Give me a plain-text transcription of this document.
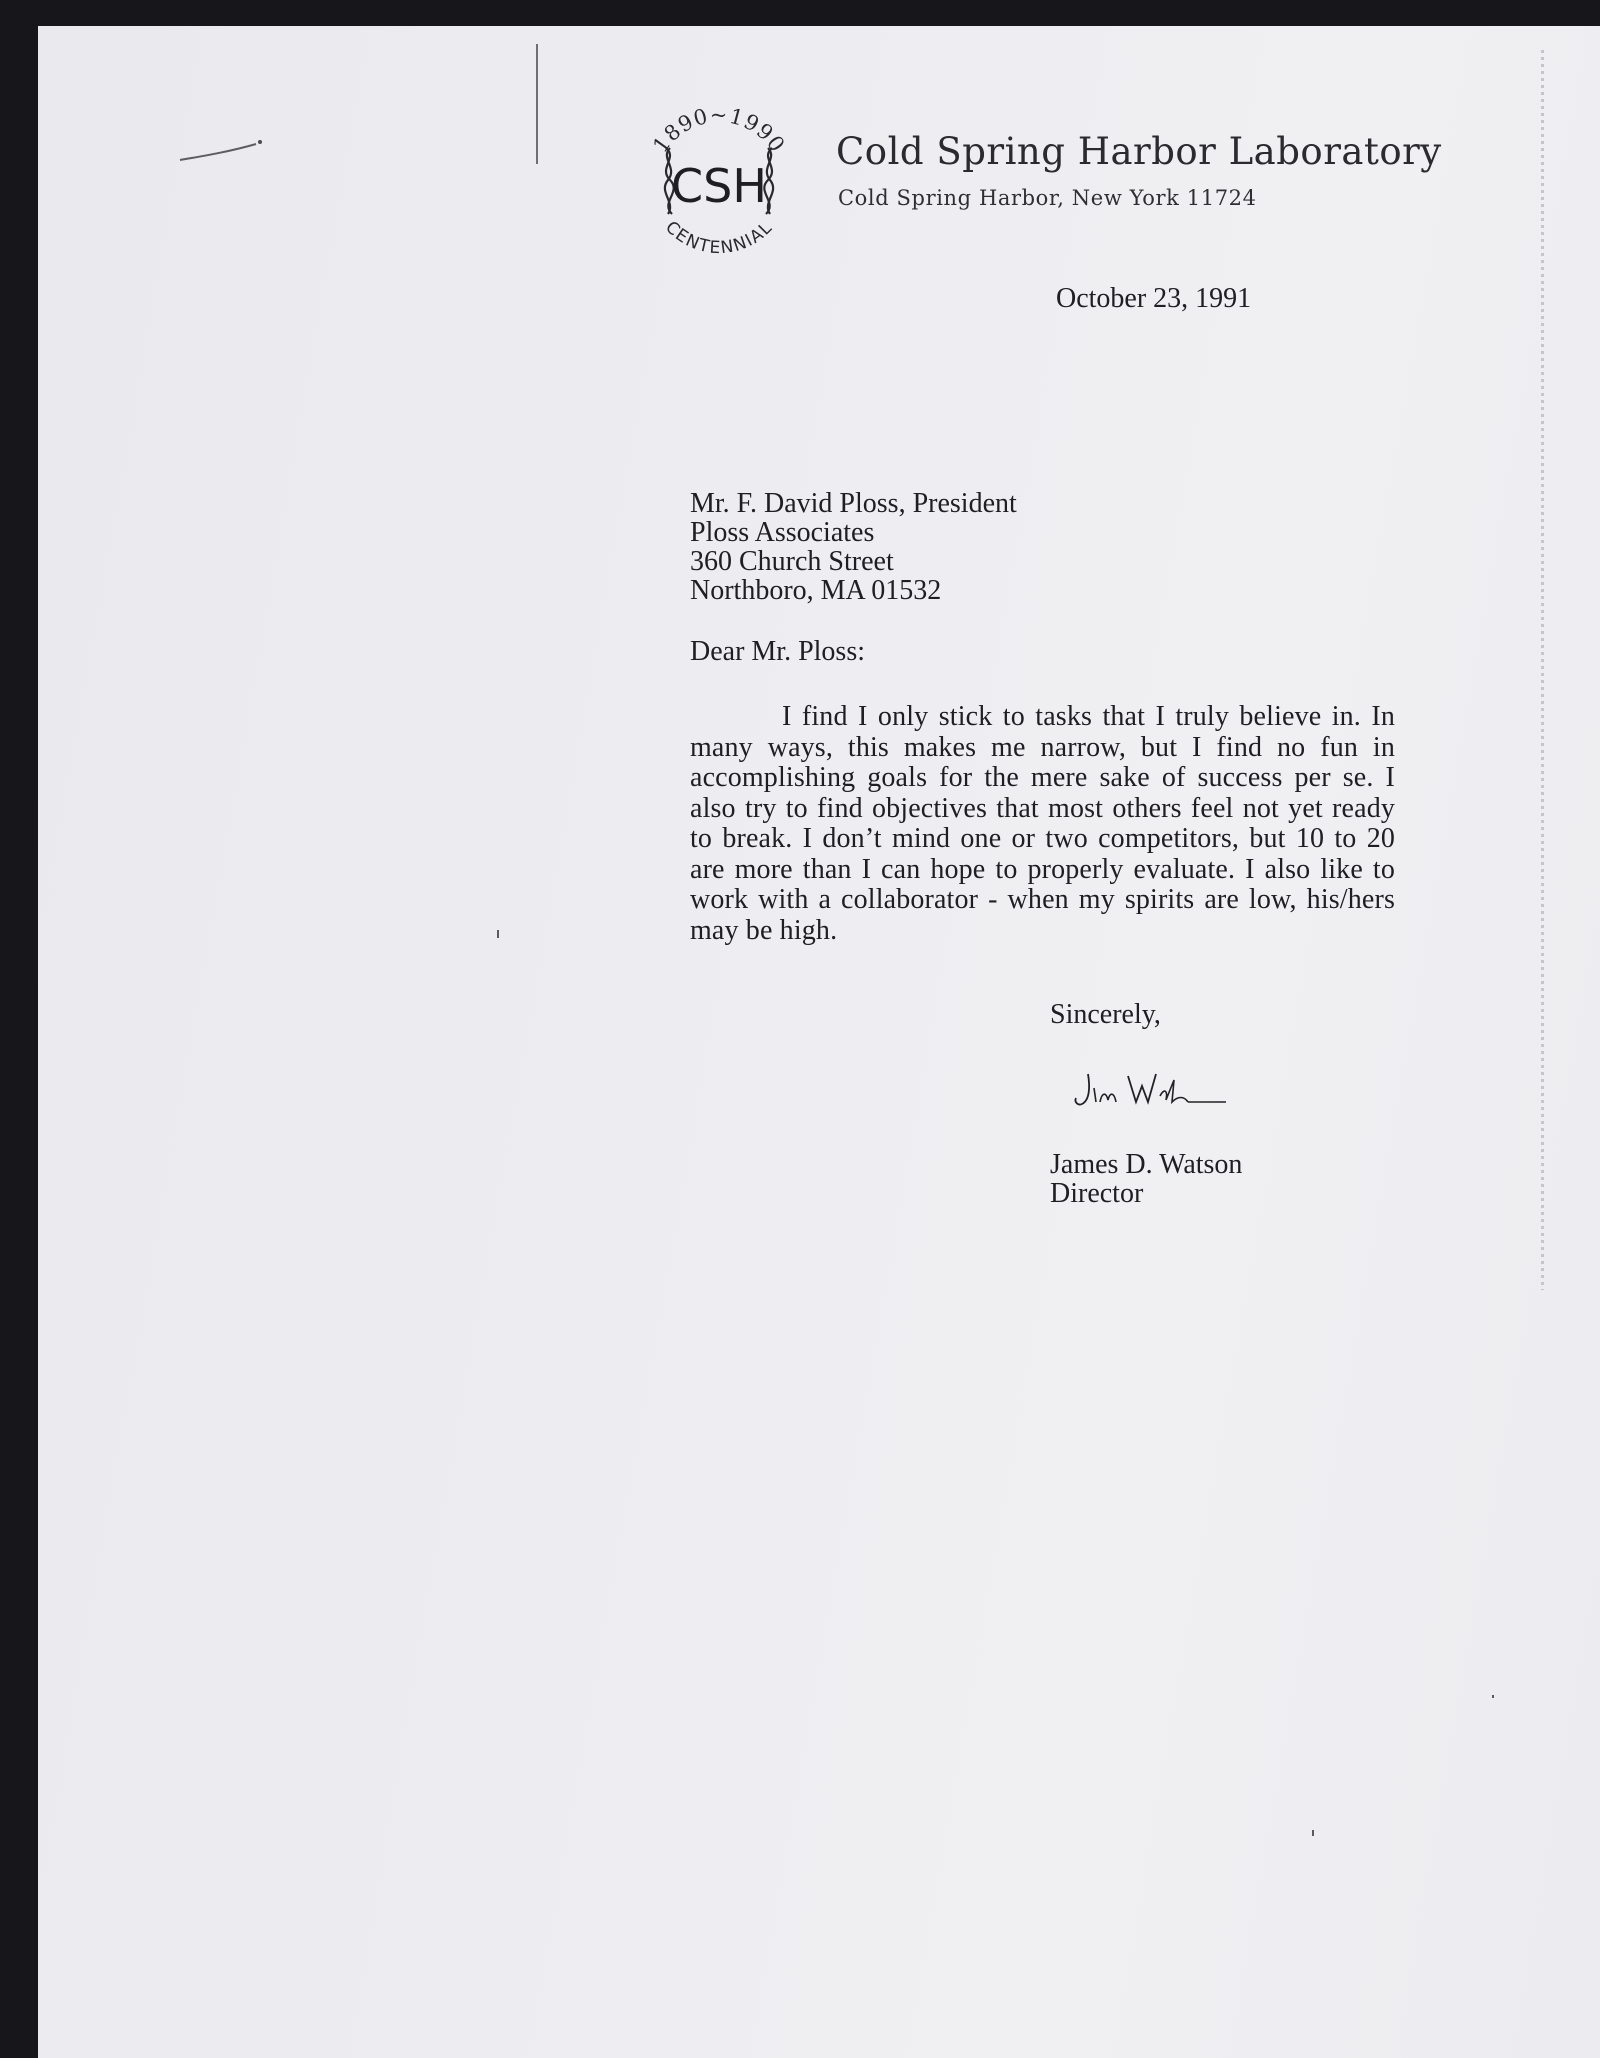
1890~1990
CENTENNIAL
CSH
Cold Spring Harbor Laboratory
Cold Spring Harbor, New York 11724
October 23, 1991
Mr. F. David Ploss, President
Ploss Associates
360 Church Street
Northboro, MA 01532
Dear Mr. Ploss:
I find I only stick to tasks that I truly believe in. In many ways, this makes me narrow, but I find no fun in accomplishing goals for the mere sake of success per se. I also try to find objectives that most others feel not yet ready to break. I don’t mind one or two competitors, but 10 to 20 are more than I can hope to properly evaluate. I also like to work with a collaborator - when my spirits are low, his/hers may be high.
Sincerely,
James D. Watson
Director
